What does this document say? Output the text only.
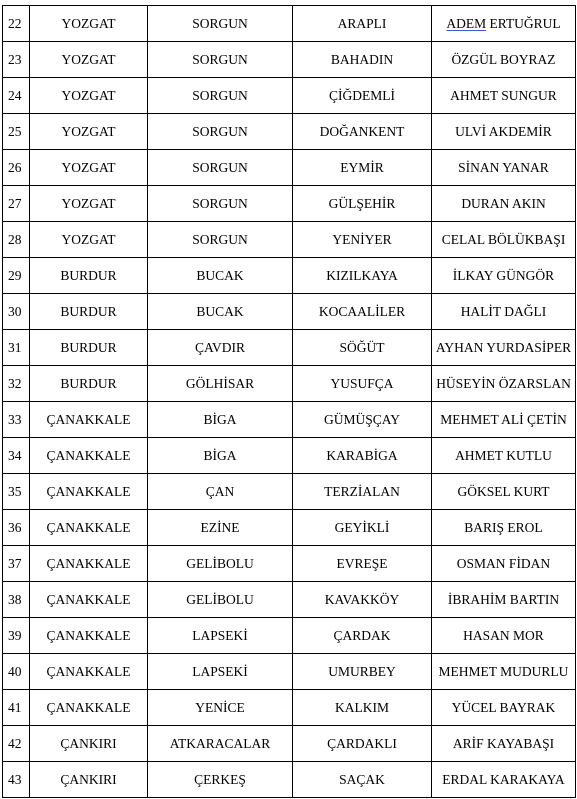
22	YOZGAT	SORGUN	ARAPLI	ADEM ERTUĞRUL
23	YOZGAT	SORGUN	BAHADIN	ÖZGÜL BOYRAZ
24	YOZGAT	SORGUN	ÇİĞDEMLİ	AHMET SUNGUR
25	YOZGAT	SORGUN	DOĞANKENT	ULVİ AKDEMİR
26	YOZGAT	SORGUN	EYMİR	SİNAN YANAR
27	YOZGAT	SORGUN	GÜLŞEHİR	DURAN AKIN
28	YOZGAT	SORGUN	YENİYER	CELAL BÖLÜKBAŞI
29	BURDUR	BUCAK	KIZILKAYA	İLKAY GÜNGÖR
30	BURDUR	BUCAK	KOCAALİLER	HALİT DAĞLI
31	BURDUR	ÇAVDIR	SÖĞÜT	AYHAN YURDASİPER
32	BURDUR	GÖLHİSAR	YUSUFÇA	HÜSEYİN ÖZARSLAN
33	ÇANAKKALE	BİGA	GÜMÜŞÇAY	MEHMET ALİ ÇETİN
34	ÇANAKKALE	BİGA	KARABİGA	AHMET KUTLU
35	ÇANAKKALE	ÇAN	TERZİALAN	GÖKSEL KURT
36	ÇANAKKALE	EZİNE	GEYİKLİ	BARIŞ EROL
37	ÇANAKKALE	GELİBOLU	EVREŞE	OSMAN FİDAN
38	ÇANAKKALE	GELİBOLU	KAVAKKÖY	İBRAHİM BARTIN
39	ÇANAKKALE	LAPSEKİ	ÇARDAK	HASAN MOR
40	ÇANAKKALE	LAPSEKİ	UMURBEY	MEHMET MUDURLU
41	ÇANAKKALE	YENİCE	KALKIM	YÜCEL BAYRAK
42	ÇANKIRI	ATKARACALAR	ÇARDAKLI	ARİF KAYABAŞI
43	ÇANKIRI	ÇERKEŞ	SAÇAK	ERDAL KARAKAYA
